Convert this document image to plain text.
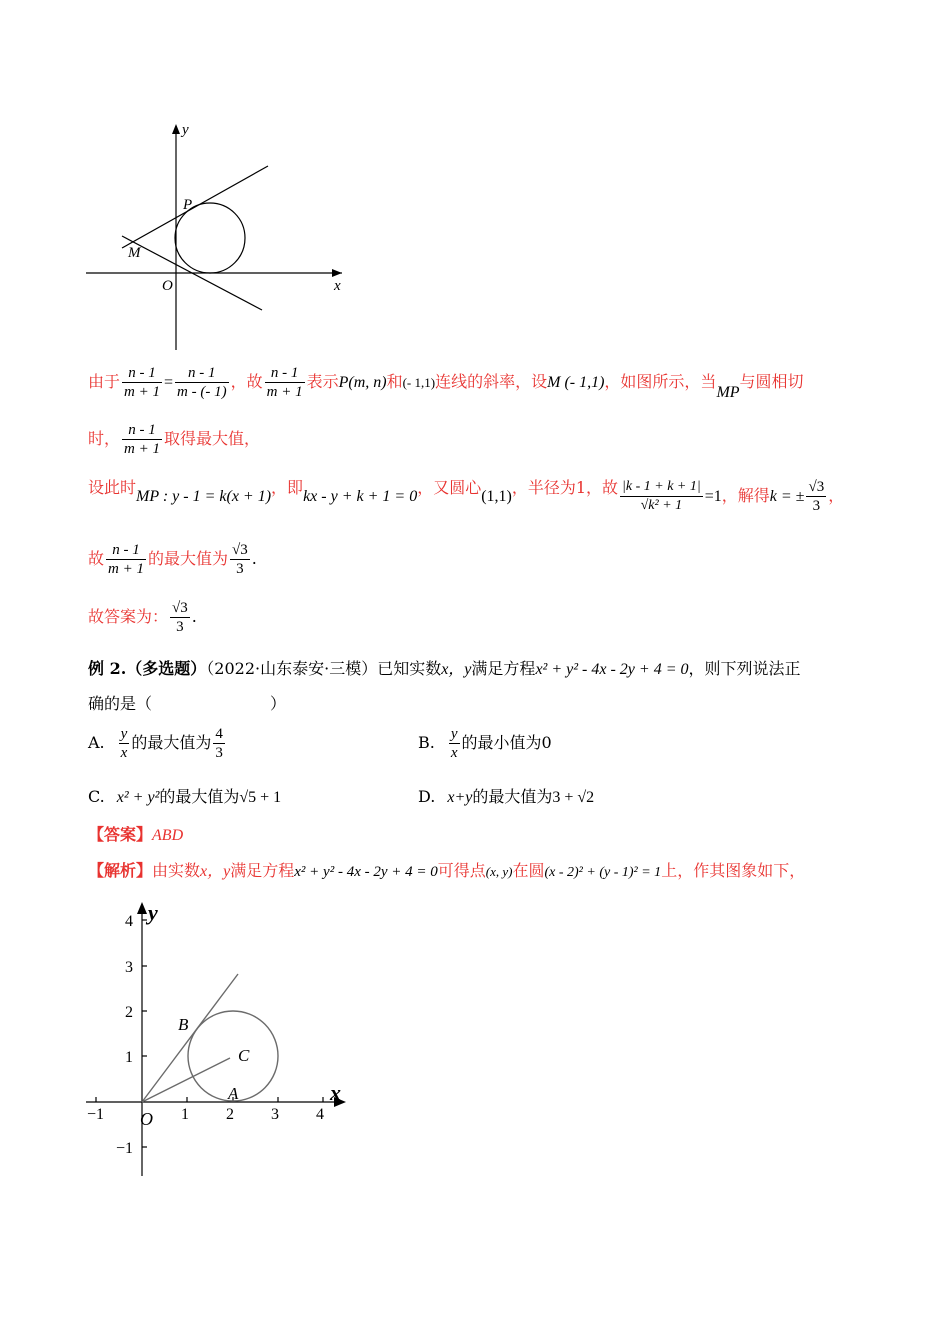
y
x
O
P
M
由于 $\frac{n - 1}{m + 1} = \frac{n - 1}{m - (- 1)}$ ，故 $\frac{n - 1}{m + 1}$ 表示P(m, n)和(- 1,1)连线的斜率，设M (- 1,1)，如图所示，当MP与圆相切
时， $\frac{n - 1}{m + 1}$ 取得最大值，
设此时MP : y - 1 = k(x + 1)，即kx - y + k + 1 = 0，又圆心(1,1)，半径为1，故 $\frac{|k - 1 + k + 1|}{\text{√k² + 1}} =1$，解得k = ± $\frac{√3}{3}$ ，
故 $\frac{n - 1}{m + 1}$ 的最大值为 $\frac{√3}{3}$ .
故答案为： $\frac{√3}{3}$ .
例 2.（多选题）（2022·山东泰安·三模）已知实数x，y满足方程x² + y² - 4x - 2y + 4 = 0，则下列说法正
确的是（	）
A. $\frac{y}{x}$ 的最大值为 $\frac{4}{3}$	B. $\frac{y}{x}$ 的最小值为0
C. x² + y²的最大值为√5 + 1	D. x+y的最大值为3 + √2
【答案】ABD
【解析】由实数x，y满足方程x² + y² - 4x - 2y + 4 = 0可得点(x, y)在圆(x - 2)² + (y - 1)² = 1上，作其图象如下，
−1	1 2 3 4
4
3
2
1
−1
y
x
O
A
B
C
